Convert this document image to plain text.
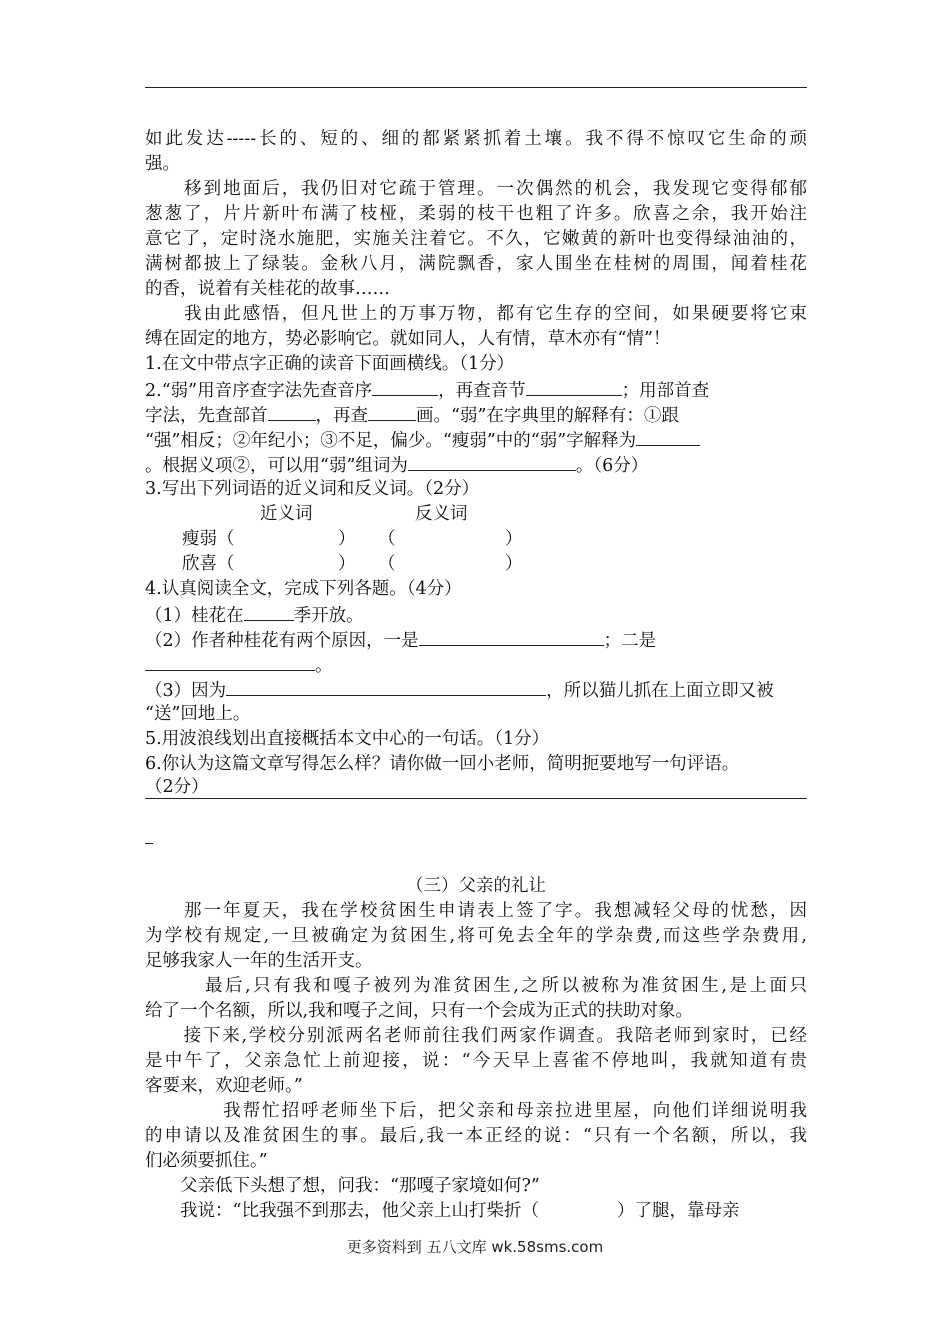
如此发达-----长的、短的、细的都紧紧抓着土壤。我不得不惊叹它生命的顽
强。
　　移到地面后，我仍旧对它疏于管理。一次偶然的机会，我发现它变得郁郁
葱葱了，片片新叶布满了枝桠，柔弱的枝干也粗了许多。欣喜之余，我开始注
意它了，定时浇水施肥，实施关注着它。不久，它嫩黄的新叶也变得绿油油的，
满树都披上了绿装。金秋八月，满院飘香，家人围坐在桂树的周围，闻着桂花
的香，说着有关桂花的故事……
　　我由此感悟，但凡世上的万事万物，都有它生存的空间，如果硬要将它束
缚在固定的地方，势必影响它。就如同人，人有情，草木亦有“情”！
1.在文中带点字正确的读音下面画横线。（1分）
2.“弱”用音序查字法先查音序	，再查音节	；用部首查
字法，先查部首	，再查	画。“弱”在字典里的解释有：①跟
“强”相反；②年纪小；③不足，偏少。“瘦弱”中的“弱”字解释为
。根据义项②，可以用“弱”组词为	。（6分）
3.写出下列词语的近义词和反义词。（2分）
近义词	反义词
瘦弱（	） （	）
欣喜（	） （	）
4.认真阅读全文，完成下列各题。（4分）
（1）桂花在	季开放。
（2）作者种桂花有两个原因，一是	；二是
。
（3）因为	，所以猫儿抓在上面立即又被
“送”回地上。
5.用波浪线划出直接概括本文中心的一句话。（1分）
6.你认为这篇文章写得怎么样？请你做一回小老师，简明扼要地写一句评语。
（2分）
（三）父亲的礼让
　　那一年夏天，我在学校贫困生申请表上签了字。我想减轻父母的忧愁，因
为学校有规定,一旦被确定为贫困生,将可免去全年的学杂费,而这些学杂费用,
足够我家人一年的生活开支。
　　　最后,只有我和嘎子被列为准贫困生,之所以被称为准贫困生,是上面只
给了一个名额，所以,我和嘎子之间，只有一个会成为正式的扶助对象。
　　接下来,学校分别派两名老师前往我们两家作调查。我陪老师到家时，已经
是中午了，父亲急忙上前迎接，说：“今天早上喜雀不停地叫，我就知道有贵
客要来，欢迎老师。”
　　　　我帮忙招呼老师坐下后，把父亲和母亲拉进里屋，向他们详细说明我
的申请以及准贫困生的事。最后,我一本正经的说：“只有一个名额，所以，我
们必须要抓住。”
　　父亲低下头想了想，问我：“那嘎子家境如何?”
　　我说：“比我强不到那去，他父亲上山打柴折（	）了腿，靠母亲
更多资料到 五八文库 wk.58sms.com
